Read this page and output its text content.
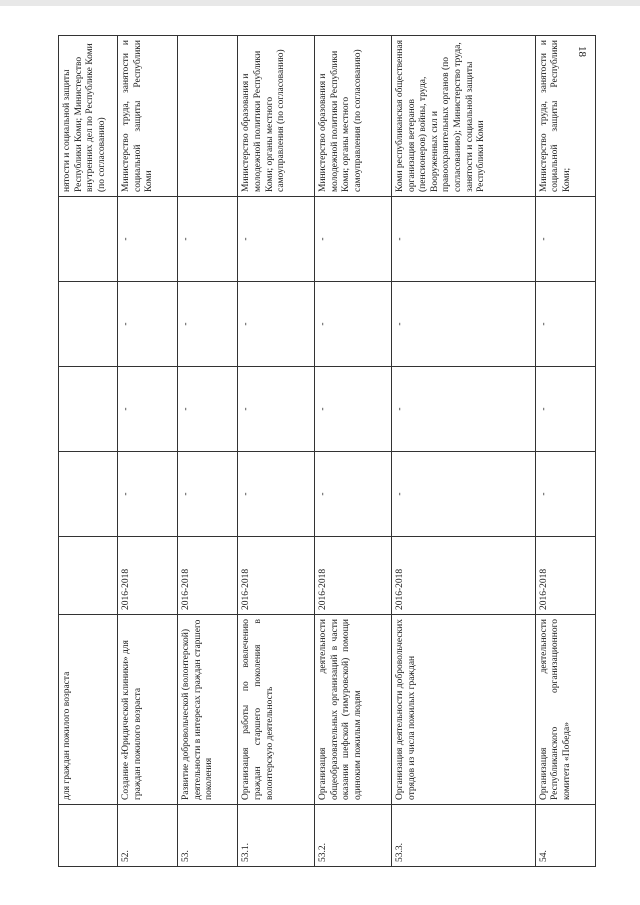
18
	для граждан пожилого возраста						нятости и социальной защиты Республики Коми; Министерство внутренних дел по Республике Коми (по согласованию)
52.	Создание «Юридической клиники» для граждан пожилого возраста	2016-2018	-	-	-	-	Министерство труда, занятости и социальной защиты Республики Коми
53.	Развитие добровольческой (волонтерской) деятельности в интересах граждан старшего поколения	2016-2018	-	-	-	-	
53.1.	Организация работы по вовлечению граждан старшего поколения в волонтерскую деятельность	2016-2018	-	-	-	-	Министерство образования и молодежной политики Республики Коми; органы местного самоуправления (по согласованию)
53.2.	Организация деятельности общеобразовательных организаций в части оказания шефской (тимуровской) помощи одиноким пожилым людям	2016-2018	-	-	-	-	Министерство образования и молодежной политики Республики Коми; органы местного самоуправления (по согласованию)
53.3.	Организация деятельности добровольческих отрядов из числа пожилых граждан	2016-2018	-	-	-	-	Коми республиканская общественная организация ветеранов (пенсионеров) войны, труда, Вооруженных сил и правоохранительных органов (по согласованию); Министерство труда, занятости и социальной защиты Республики Коми
54.	Организация деятельности Республиканского организационного комитета «Победа»	2016-2018	-	-	-	-	Министерство труда, занятости и социальной защиты Республики Коми;
